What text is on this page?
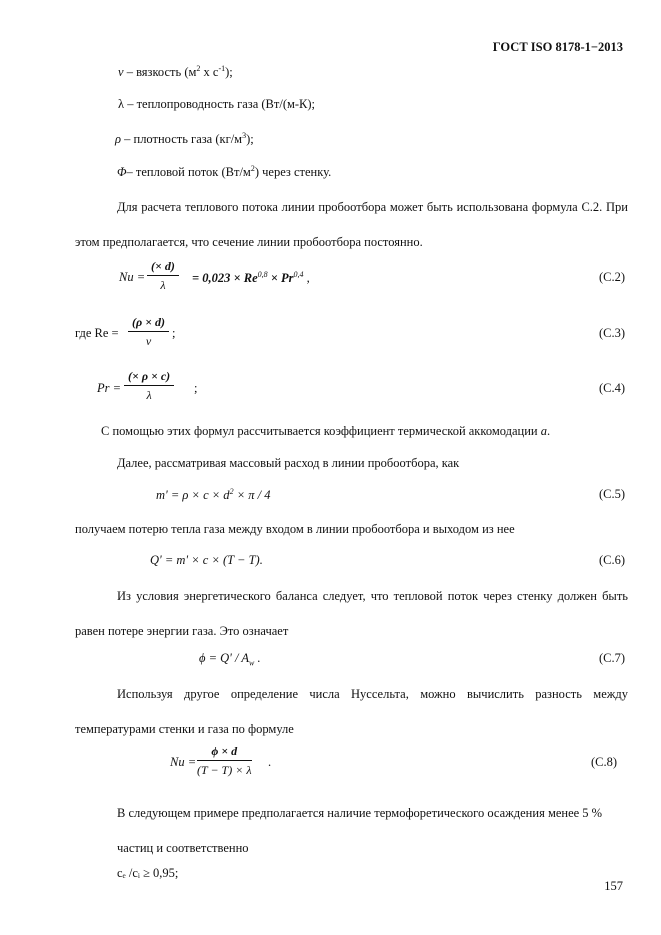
ГОСТ ISO 8178-1−2013
ν – вязкость ($м^2$ х $с^{-1}$);
λ – теплопроводность газа (Вт/(м-К);
ρ – плотность газа $(кг/м^3)$;
Φ– тепловой поток $(Вт/м^2)$ через стенку.
Для расчета теплового потока линии пробоотбора может быть использована формула С.2. При этом предполагается, что сечение линии пробоотбора постоянно.
$Nu = \frac{(\times d)}{\lambda} = 0,023 \times Re^{0,8} \times Pr^{0,4}$ ,	(С.2)
где $Re = \frac{(\rho \times d)}{\nu}$ ;	(С.3)
$Pr = \frac{(\times \rho \times c)}{\lambda}$ ;	(С.4)
С помощью этих формул рассчитывается коэффициент термической аккомодации a.
Далее, рассматривая массовый расход в линии пробоотбора, как
$m' = \rho \times c \times d^2 \times \pi / 4$	(С.5)
получаем потерю тепла газа между входом в линии пробоотбора и выходом из нее
Q' = m' × c × (T − T).	(С.6)
Из условия энергетического баланса следует, что тепловой поток через стенку должен быть равен потере энергии газа. Это означает
$\phi = Q' / A_w$ .	(С.7)
Используя другое определение числа Нуссельта, можно вычислить разность между температурами стенки и газа по формуле
$Nu = \frac{\phi \times d}{(T - T) \times \lambda}$ .	(С.8)
В следующем примере предполагается наличие термофоретического осаждения менее 5 % частиц и соответственно
cₑ /cᵢ ≥ 0,95;
157
